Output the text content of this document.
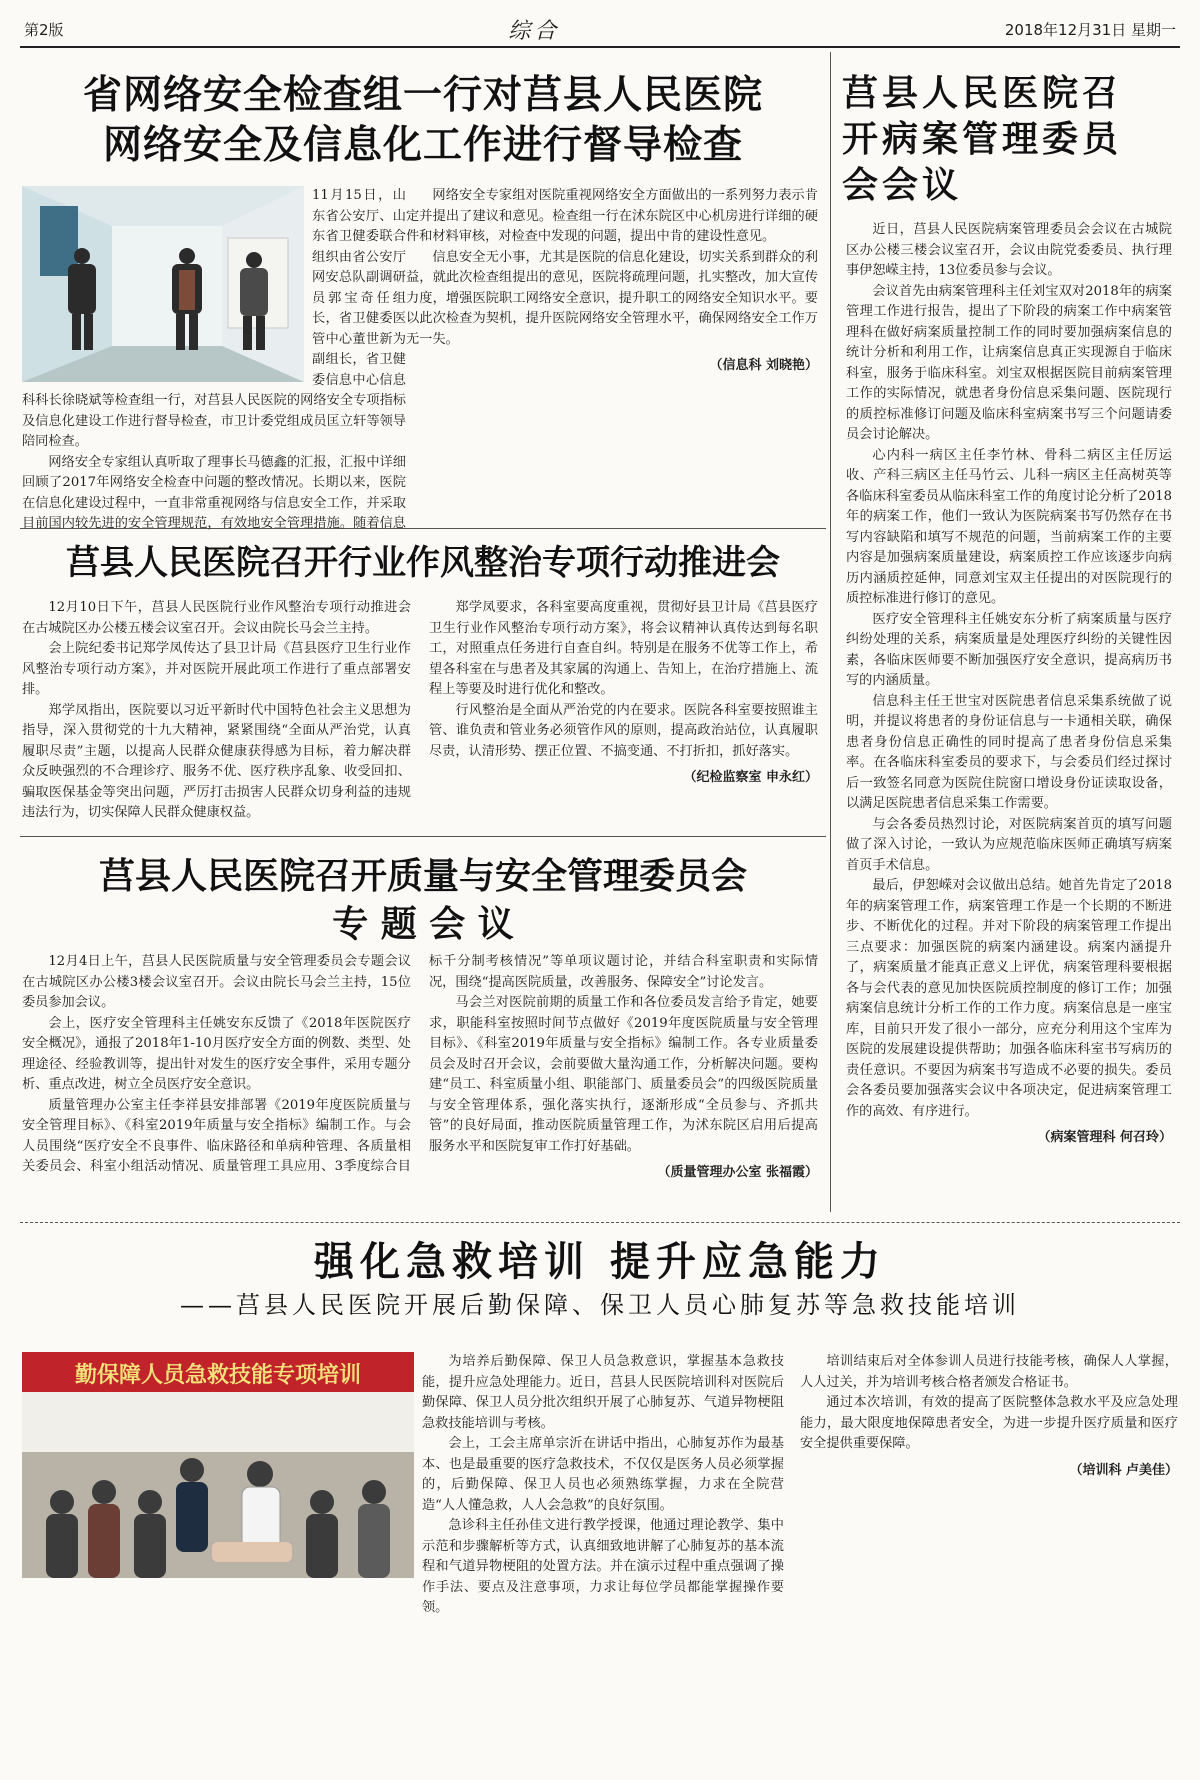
第2版	综合	2018年12月31日 星期一
省网络安全检查组一行对莒县人民医院
网络安全及信息化工作进行督导检查

11月15日，山东省公安厅、山东省卫健委联合组织由省公安厅网安总队副调研员郭宝奇任组长，省卫健委医管中心董世新为副组长，省卫健委信息中心信息科科长徐晓斌等检查组一行，对莒县人民医院的网络安全专项指标及信息化建设工作进行督导检查，市卫计委党组成员匡立轩等领导陪同检查。

网络安全专家组认真听取了理事长马德鑫的汇报，汇报中详细回顾了2017年网络安全检查中问题的整改情况。长期以来，医院在信息化建设过程中，一直非常重视网络与信息安全工作，并采取目前国内较先进的安全管理规范，有效地安全管理措施。随着信息

网络安全专家组对医院重视网络安全方面做出的一系列努力表示肯定并提出了建议和意见。检查组一行在沭东院区中心机房进行详细的硬件和材料审核，对检查中发现的问题，提出中肯的建设性意见。

信息安全无小事，尤其是医院的信息化建设，切实关系到群众的利益，就此次检查组提出的意见，医院将疏理问题，扎实整改，加大宣传力度，增强医院职工网络安全意识，提升职工的网络安全知识水平。要以此次检查为契机，提升医院网络安全管理水平，确保网络安全工作万无一失。

（信息科 刘晓艳）
莒县人民医院召开行业作风整治专项行动推进会

12月10日下午，莒县人民医院行业作风整治专项行动推进会在古城院区办公楼五楼会议室召开。会议由院长马会兰主持。

会上院纪委书记郑学凤传达了县卫计局《莒县医疗卫生行业作风整治专项行动方案》，并对医院开展此项工作进行了重点部署安排。

郑学凤指出，医院要以习近平新时代中国特色社会主义思想为指导，深入贯彻党的十九大精神，紧紧围绕“全面从严治党，认真履职尽责”主题，以提高人民群众健康获得感为目标，着力解决群众反映强烈的不合理诊疗、服务不优、医疗秩序乱象、收受回扣、骗取医保基金等突出问题，严厉打击损害人民群众切身利益的违规违法行为，切实保障人民群众健康权益。

郑学凤要求，各科室要高度重视，贯彻好县卫计局《莒县医疗卫生行业作风整治专项行动方案》，将会议精神认真传达到每名职工，对照重点任务进行自查自纠。特别是在服务不优等工作上，希望各科室在与患者及其家属的沟通上、告知上，在治疗措施上、流程上等要及时进行优化和整改。

行风整治是全面从严治党的内在要求。医院各科室要按照谁主管、谁负责和管业务必须管作风的原则，提高政治站位，认真履职尽责，认清形势、摆正位置、不搞变通、不打折扣，抓好落实。

（纪检监察室 申永红）
莒县人民医院召开质量与安全管理委员会
专 题 会 议

12月4日上午，莒县人民医院质量与安全管理委员会专题会议在古城院区办公楼3楼会议室召开。会议由院长马会兰主持，15位委员参加会议。

会上，医疗安全管理科主任姚安东反馈了《2018年医院医疗安全概况》，通报了2018年1-10月医疗安全方面的例数、类型、处理途径、经验教训等，提出针对发生的医疗安全事件，采用专题分析、重点改进，树立全员医疗安全意识。

质量管理办公室主任李祥县安排部署《2019年度医院质量与安全管理目标》、《科室2019年质量与安全指标》编制工作。与会人员围绕“医疗安全不良事件、临床路径和单病种管理、各质量相关委员会、科室小组活动情况、质量管理工具应用、3季度综合目标千分制考核情况”等单项议题讨论，并结合科室职责和实际情况，围绕“提高医院质量，改善服务、保障安全”讨论发言。

马会兰对医院前期的质量工作和各位委员发言给予肯定，她要求，职能科室按照时间节点做好《2019年度医院质量与安全管理目标》、《科室2019年质量与安全指标》编制工作。各专业质量委员会及时召开会议，会前要做大量沟通工作，分析解决问题。要构建“员工、科室质量小组、职能部门、质量委员会”的四级医院质量与安全管理体系，强化落实执行，逐渐形成“全员参与、齐抓共管”的良好局面，推动医院质量管理工作，为沭东院区启用后提高服务水平和医院复审工作打好基础。

（质量管理办公室 张福霞）
莒县人民医院召
开病案管理委员
会会议

近日，莒县人民医院病案管理委员会会议在古城院区办公楼三楼会议室召开，会议由院党委委员、执行理事伊恕嵘主持，13位委员参与会议。

会议首先由病案管理科主任刘宝双对2018年的病案管理工作进行报告，提出了下阶段的病案工作中病案管理科在做好病案质量控制工作的同时要加强病案信息的统计分析和利用工作，让病案信息真正实现源自于临床科室，服务于临床科室。刘宝双根据医院目前病案管理工作的实际情况，就患者身份信息采集问题、医院现行的质控标准修订问题及临床科室病案书写三个问题请委员会讨论解决。

心内科一病区主任李竹林、骨科二病区主任厉运收、产科三病区主任马竹云、儿科一病区主任高树英等各临床科室委员从临床科室工作的角度讨论分析了2018年的病案工作，他们一致认为医院病案书写仍然存在书写内容缺陷和填写不规范的问题，当前病案工作的主要内容是加强病案质量建设，病案质控工作应该逐步向病历内涵质控延伸，同意刘宝双主任提出的对医院现行的质控标准进行修订的意见。

医疗安全管理科主任姚安东分析了病案质量与医疗纠纷处理的关系，病案质量是处理医疗纠纷的关键性因素，各临床医师要不断加强医疗安全意识，提高病历书写的内涵质量。

信息科主任王世宝对医院患者信息采集系统做了说明，并提议将患者的身份证信息与一卡通相关联，确保患者身份信息正确性的同时提高了患者身份信息采集率。在各临床科室委员的要求下，与会委员们经过探讨后一致签名同意为医院住院窗口增设身份证读取设备，以满足医院患者信息采集工作需要。

与会各委员热烈讨论，对医院病案首页的填写问题做了深入讨论，一致认为应规范临床医师正确填写病案首页手术信息。

最后，伊恕嵘对会议做出总结。她首先肯定了2018年的病案管理工作，病案管理工作是一个长期的不断进步、不断优化的过程。并对下阶段的病案管理工作提出三点要求：加强医院的病案内涵建设。病案内涵提升了，病案质量才能真正意义上评优，病案管理科要根据各与会代表的意见加快医院质控制度的修订工作；加强病案信息统计分析工作的工作力度。病案信息是一座宝库，目前只开发了很小一部分，应充分利用这个宝库为医院的发展建设提供帮助；加强各临床科室书写病历的责任意识。不要因为病案书写造成不必要的损失。委员会各委员要加强落实会议中各项决定，促进病案管理工作的高效、有序进行。

（病案管理科 何召玲）
强化急救培训 提升应急能力
——莒县人民医院开展后勤保障、保卫人员心肺复苏等急救技能培训
勤保障人员急救技能专项培训

为培养后勤保障、保卫人员急救意识，掌握基本急救技能，提升应急处理能力。近日，莒县人民医院培训科对医院后勤保障、保卫人员分批次组织开展了心肺复苏、气道异物梗阻急救技能培训与考核。

会上，工会主席单宗沂在讲话中指出，心肺复苏作为最基本、也是最重要的医疗急救技术，不仅仅是医务人员必须掌握的，后勤保障、保卫人员也必须熟练掌握，力求在全院营造“人人懂急救，人人会急救”的良好氛围。

急诊科主任孙佳文进行教学授课，他通过理论教学、集中示范和步骤解析等方式，认真细致地讲解了心肺复苏的基本流程和气道异物梗阻的处置方法。并在演示过程中重点强调了操作手法、要点及注意事项，力求让每位学员都能掌握操作要领。

培训结束后对全体参训人员进行技能考核，确保人人掌握，人人过关，并为培训考核合格者颁发合格证书。

通过本次培训，有效的提高了医院整体急救水平及应急处理能力，最大限度地保障患者安全，为进一步提升医疗质量和医疗安全提供重要保障。

（培训科 卢美佳）
